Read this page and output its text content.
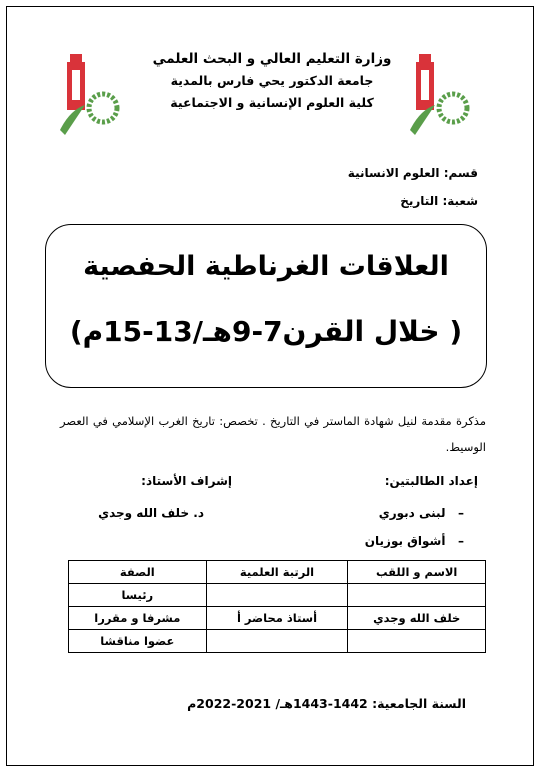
وزارة التعليم العالي و البحث العلمي
جامعة الدكتور يحي فارس بالمدية
كلية العلوم الإنسانية و الاجتماعية
قسم: العلوم الانسانية
شعبة: التاريخ
العلاقات الغرناطية الحفصية
( خلال القرن7-9هـ/13-15م)
مذكرة مقدمة لنيل شهادة الماستر في التاريخ . تخصص: تاريخ الغرب الإسلامي في العصر الوسيط.
إعداد الطالبتين:
إشراف الأستاذ:
–   لبنى دبوري
–   أشواق بوزيان
د. خلف الله وجدي
الاسم و اللقب	الرتبة العلمية	الصفة
		رئيسا
خلف الله وجدي	أستاذ محاضر أ	مشرفا و مقررا
		عضوا مناقشا
السنة الجامعية: 1442-1443هـ/ 2021-2022م
